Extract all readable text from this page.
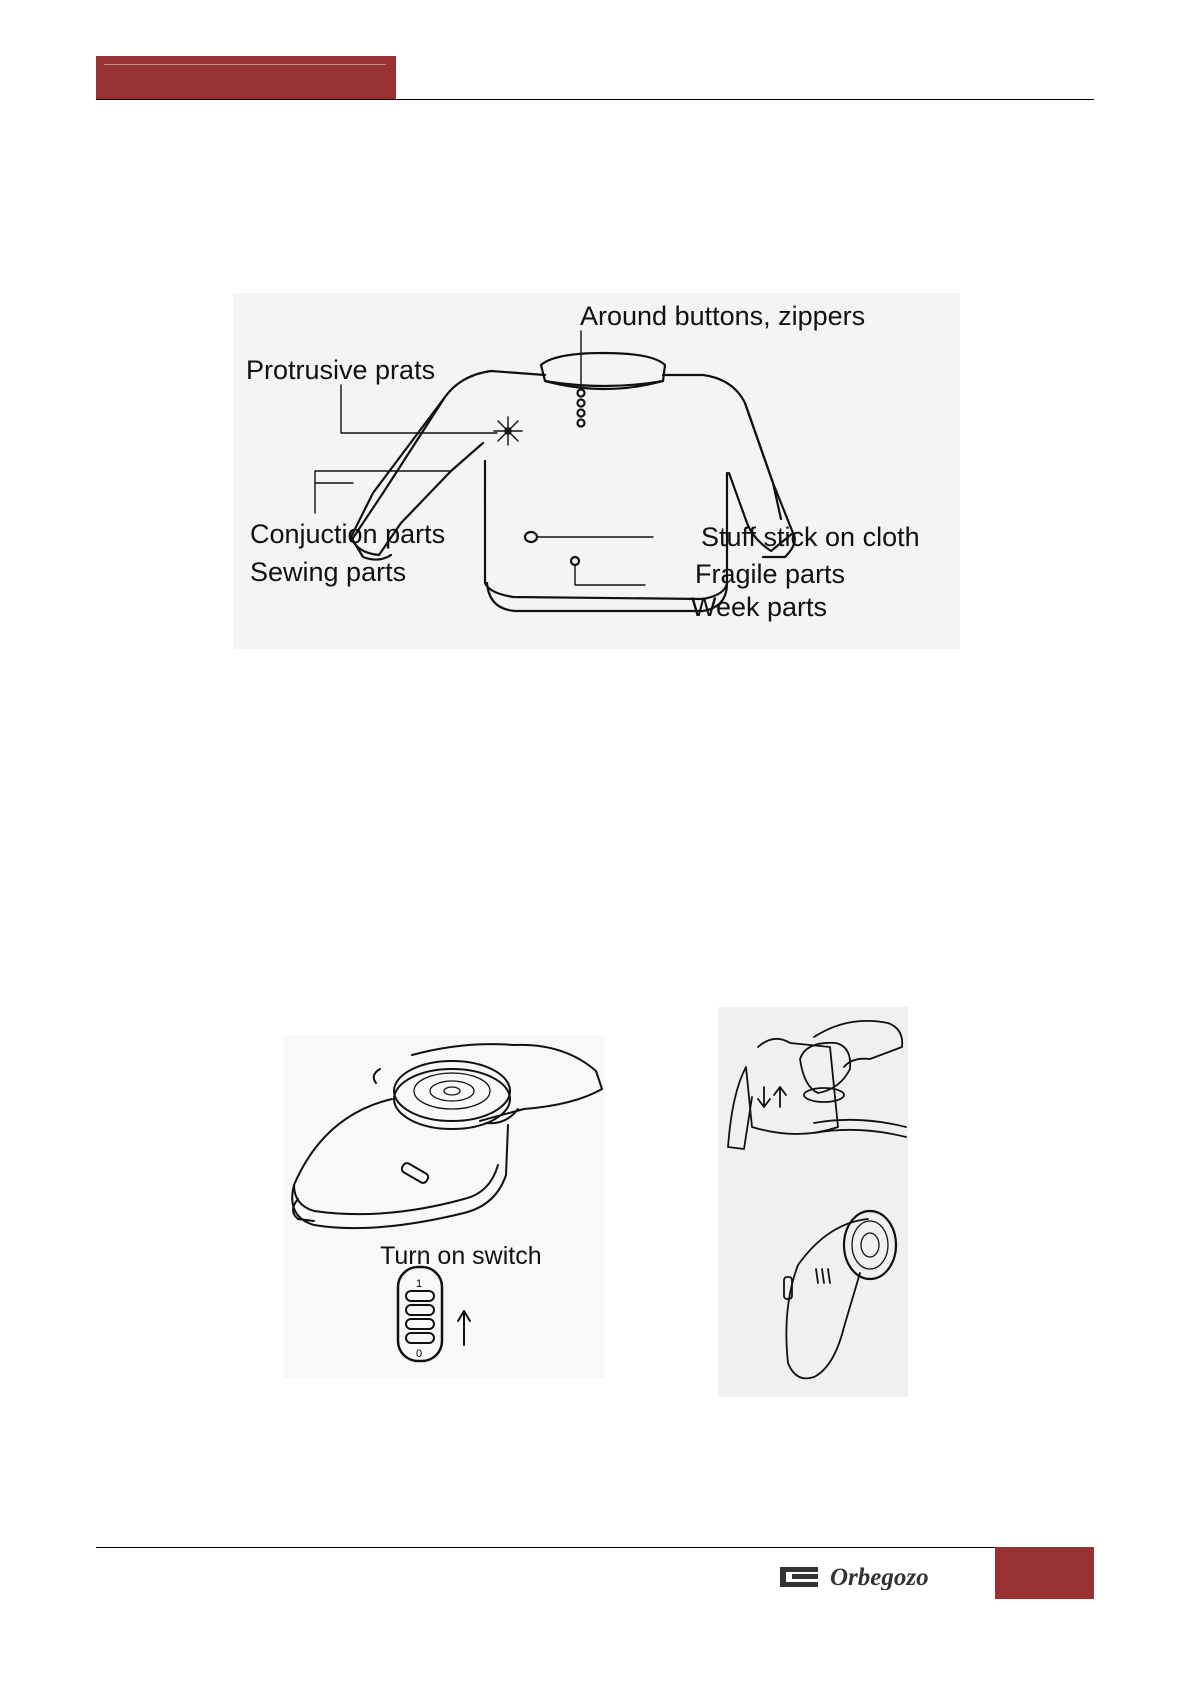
Around buttons, zippers
Protrusive prats
Conjuction parts
Sewing parts
Stuff stick on cloth
Fragile parts
Week parts
Turn on switch
1
0
Orbegozo
